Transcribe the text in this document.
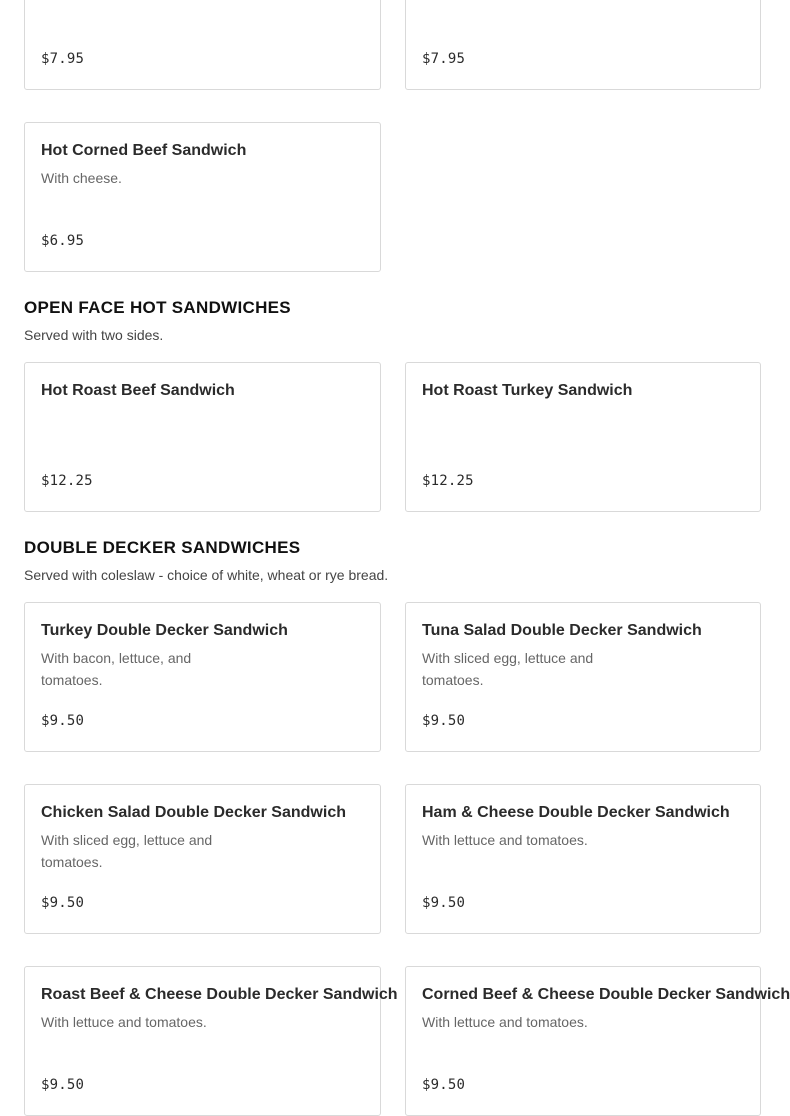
$7.95	$7.95
Hot Corned Beef Sandwich
With cheese.
$6.95
OPEN FACE HOT SANDWICHES
Served with two sides.
Hot Roast Beef Sandwich
$12.25
Hot Roast Turkey Sandwich
$12.25
DOUBLE DECKER SANDWICHES
Served with coleslaw - choice of white, wheat or rye bread.
Turkey Double Decker Sandwich
With bacon, lettuce, and tomatoes.
$9.50
Tuna Salad Double Decker Sandwich
With sliced egg, lettuce and tomatoes.
$9.50
Chicken Salad Double Decker Sandwich
With sliced egg, lettuce and tomatoes.
$9.50
Ham & Cheese Double Decker Sandwich
With lettuce and tomatoes.
$9.50
Roast Beef & Cheese Double Decker Sandwich
With lettuce and tomatoes.
$9.50
Corned Beef & Cheese Double Decker Sandwich
With lettuce and tomatoes.
$9.50
